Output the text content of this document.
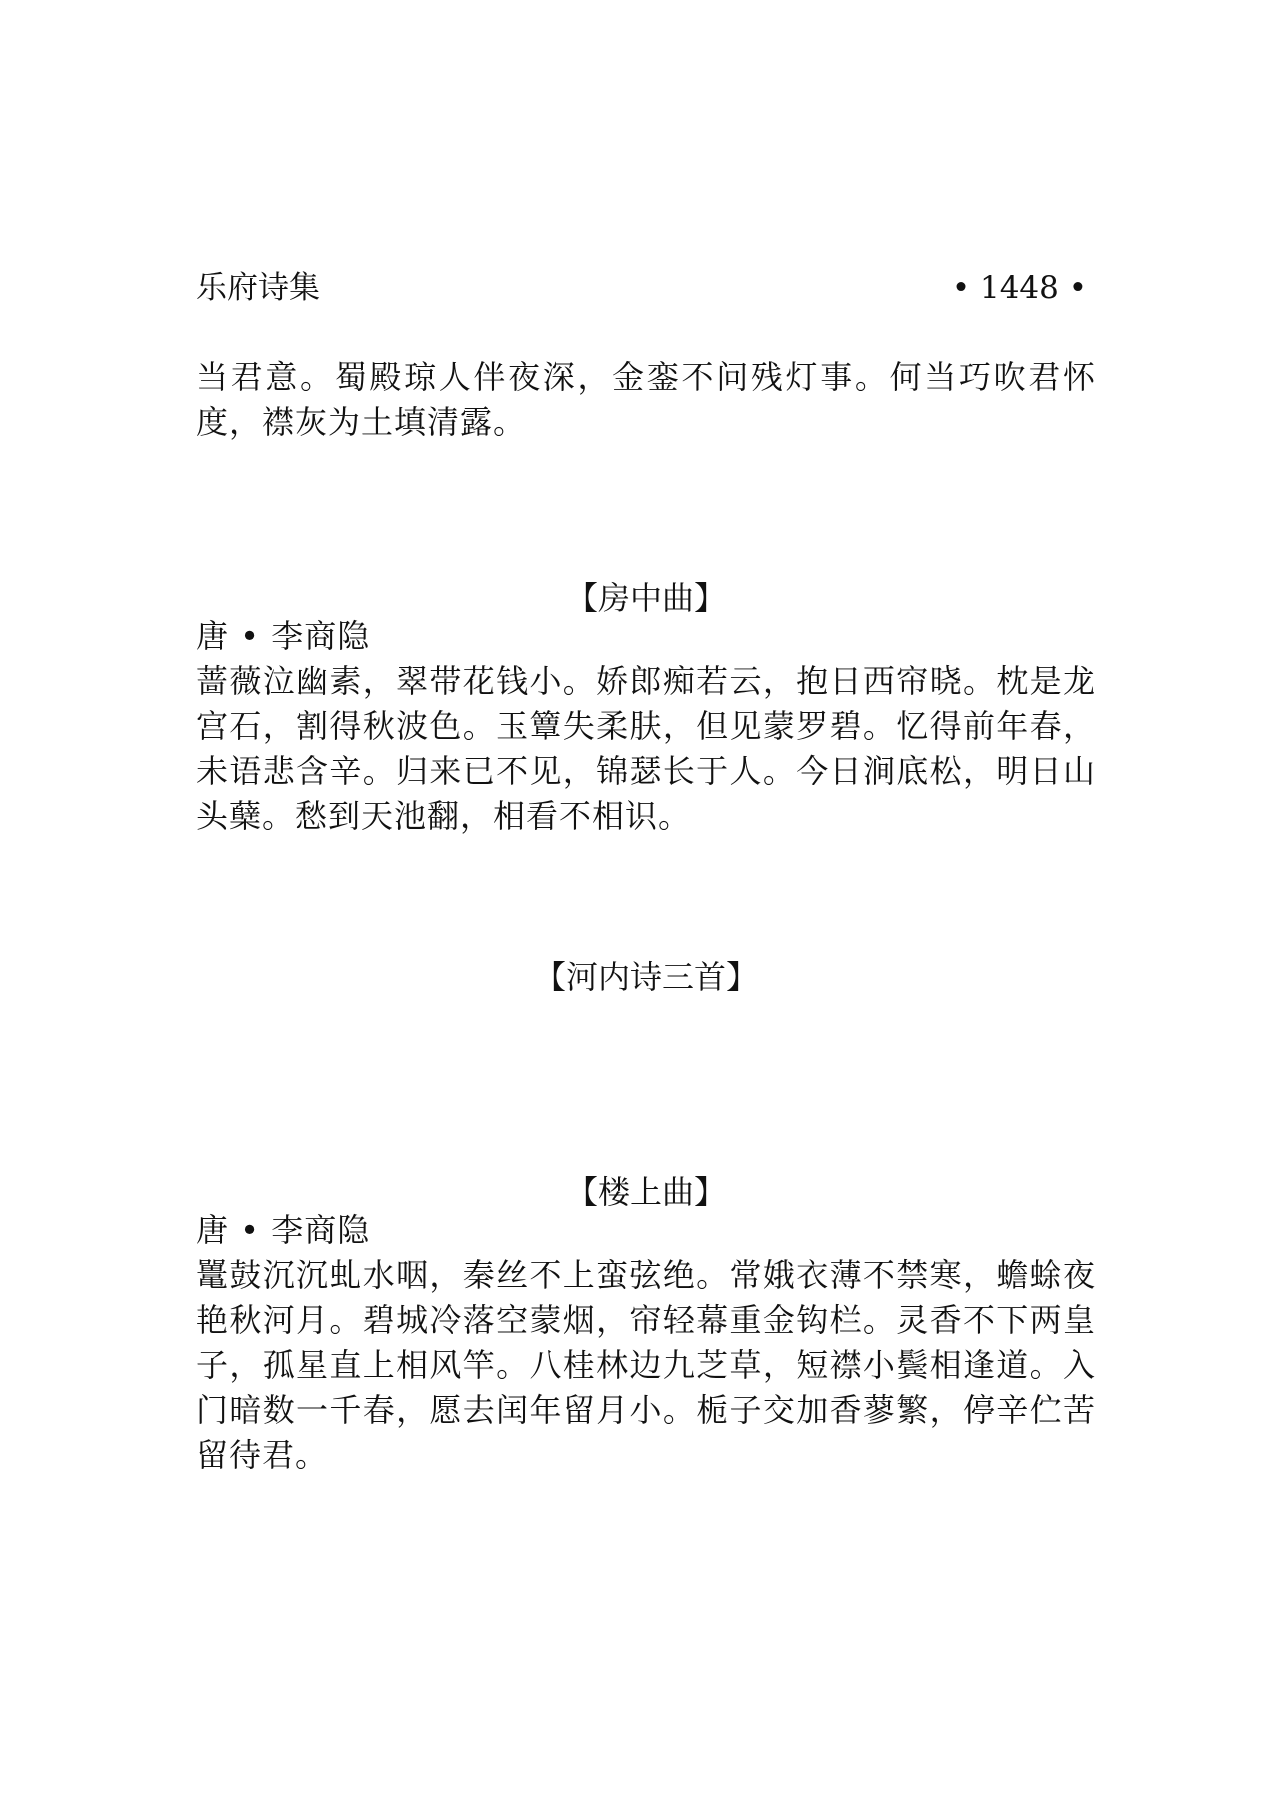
乐府诗集	• 1448 •
当君意。蜀殿琼人伴夜深，金銮不问残灯事。何当巧吹君怀度，襟灰为土填清露。
【房中曲】
唐 • 李商隐
蔷薇泣幽素，翠带花钱小。娇郎痴若云，抱日西帘晓。枕是龙宫石，割得秋波色。玉簟失柔肤，但见蒙罗碧。忆得前年春，未语悲含辛。归来已不见，锦瑟长于人。今日涧底松，明日山头蘖。愁到天池翻，相看不相识。
【河内诗三首】
【楼上曲】
唐 • 李商隐
鼍鼓沉沉虬水咽，秦丝不上蛮弦绝。常娥衣薄不禁寒，蟾蜍夜艳秋河月。碧城冷落空蒙烟，帘轻幕重金钩栏。灵香不下两皇子，孤星直上相风竿。八桂林边九芝草，短襟小鬓相逢道。入门暗数一千春，愿去闰年留月小。栀子交加香蓼繁，停辛伫苦留待君。
